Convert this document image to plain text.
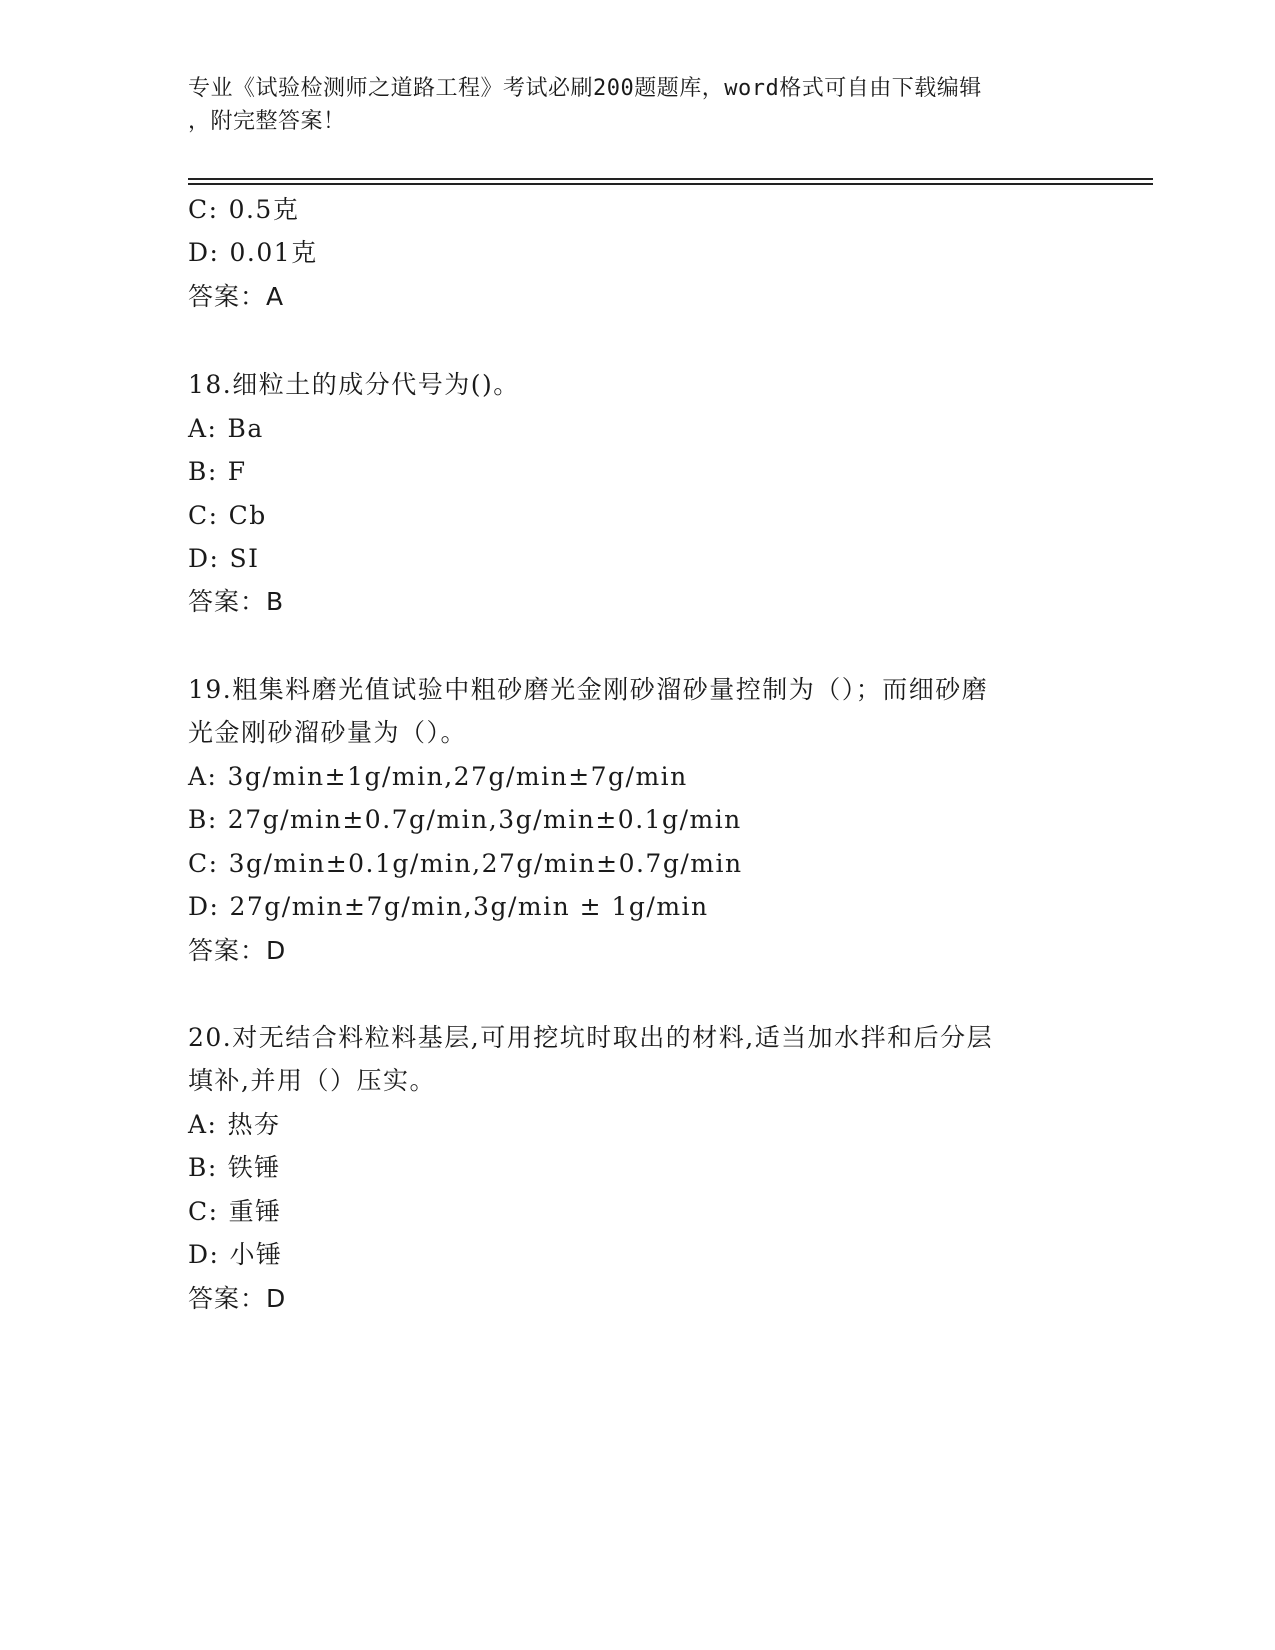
专业《试验检测师之道路工程》考试必刷200题题库，word格式可自由下载编辑
，附完整答案！
C: 0.5克
D: 0.01克
答案：A
18.细粒土的成分代号为()。
A: Ba
B: F
C: Cb
D: SI
答案：B
19.粗集料磨光值试验中粗砂磨光金刚砂溜砂量控制为（）；而细砂磨
光金刚砂溜砂量为（）。
A: 3g/min±1g/min,27g/min±7g/min
B: 27g/min±0.7g/min,3g/min±0.1g/min
C: 3g/min±0.1g/min,27g/min±0.7g/min
D: 27g/min±7g/min,3g/min ± 1g/min
答案：D
20.对无结合料粒料基层,可用挖坑时取出的材料,适当加水拌和后分层
填补,并用（）压实。
A: 热夯
B: 铁锤
C: 重锤
D: 小锤
答案：D
